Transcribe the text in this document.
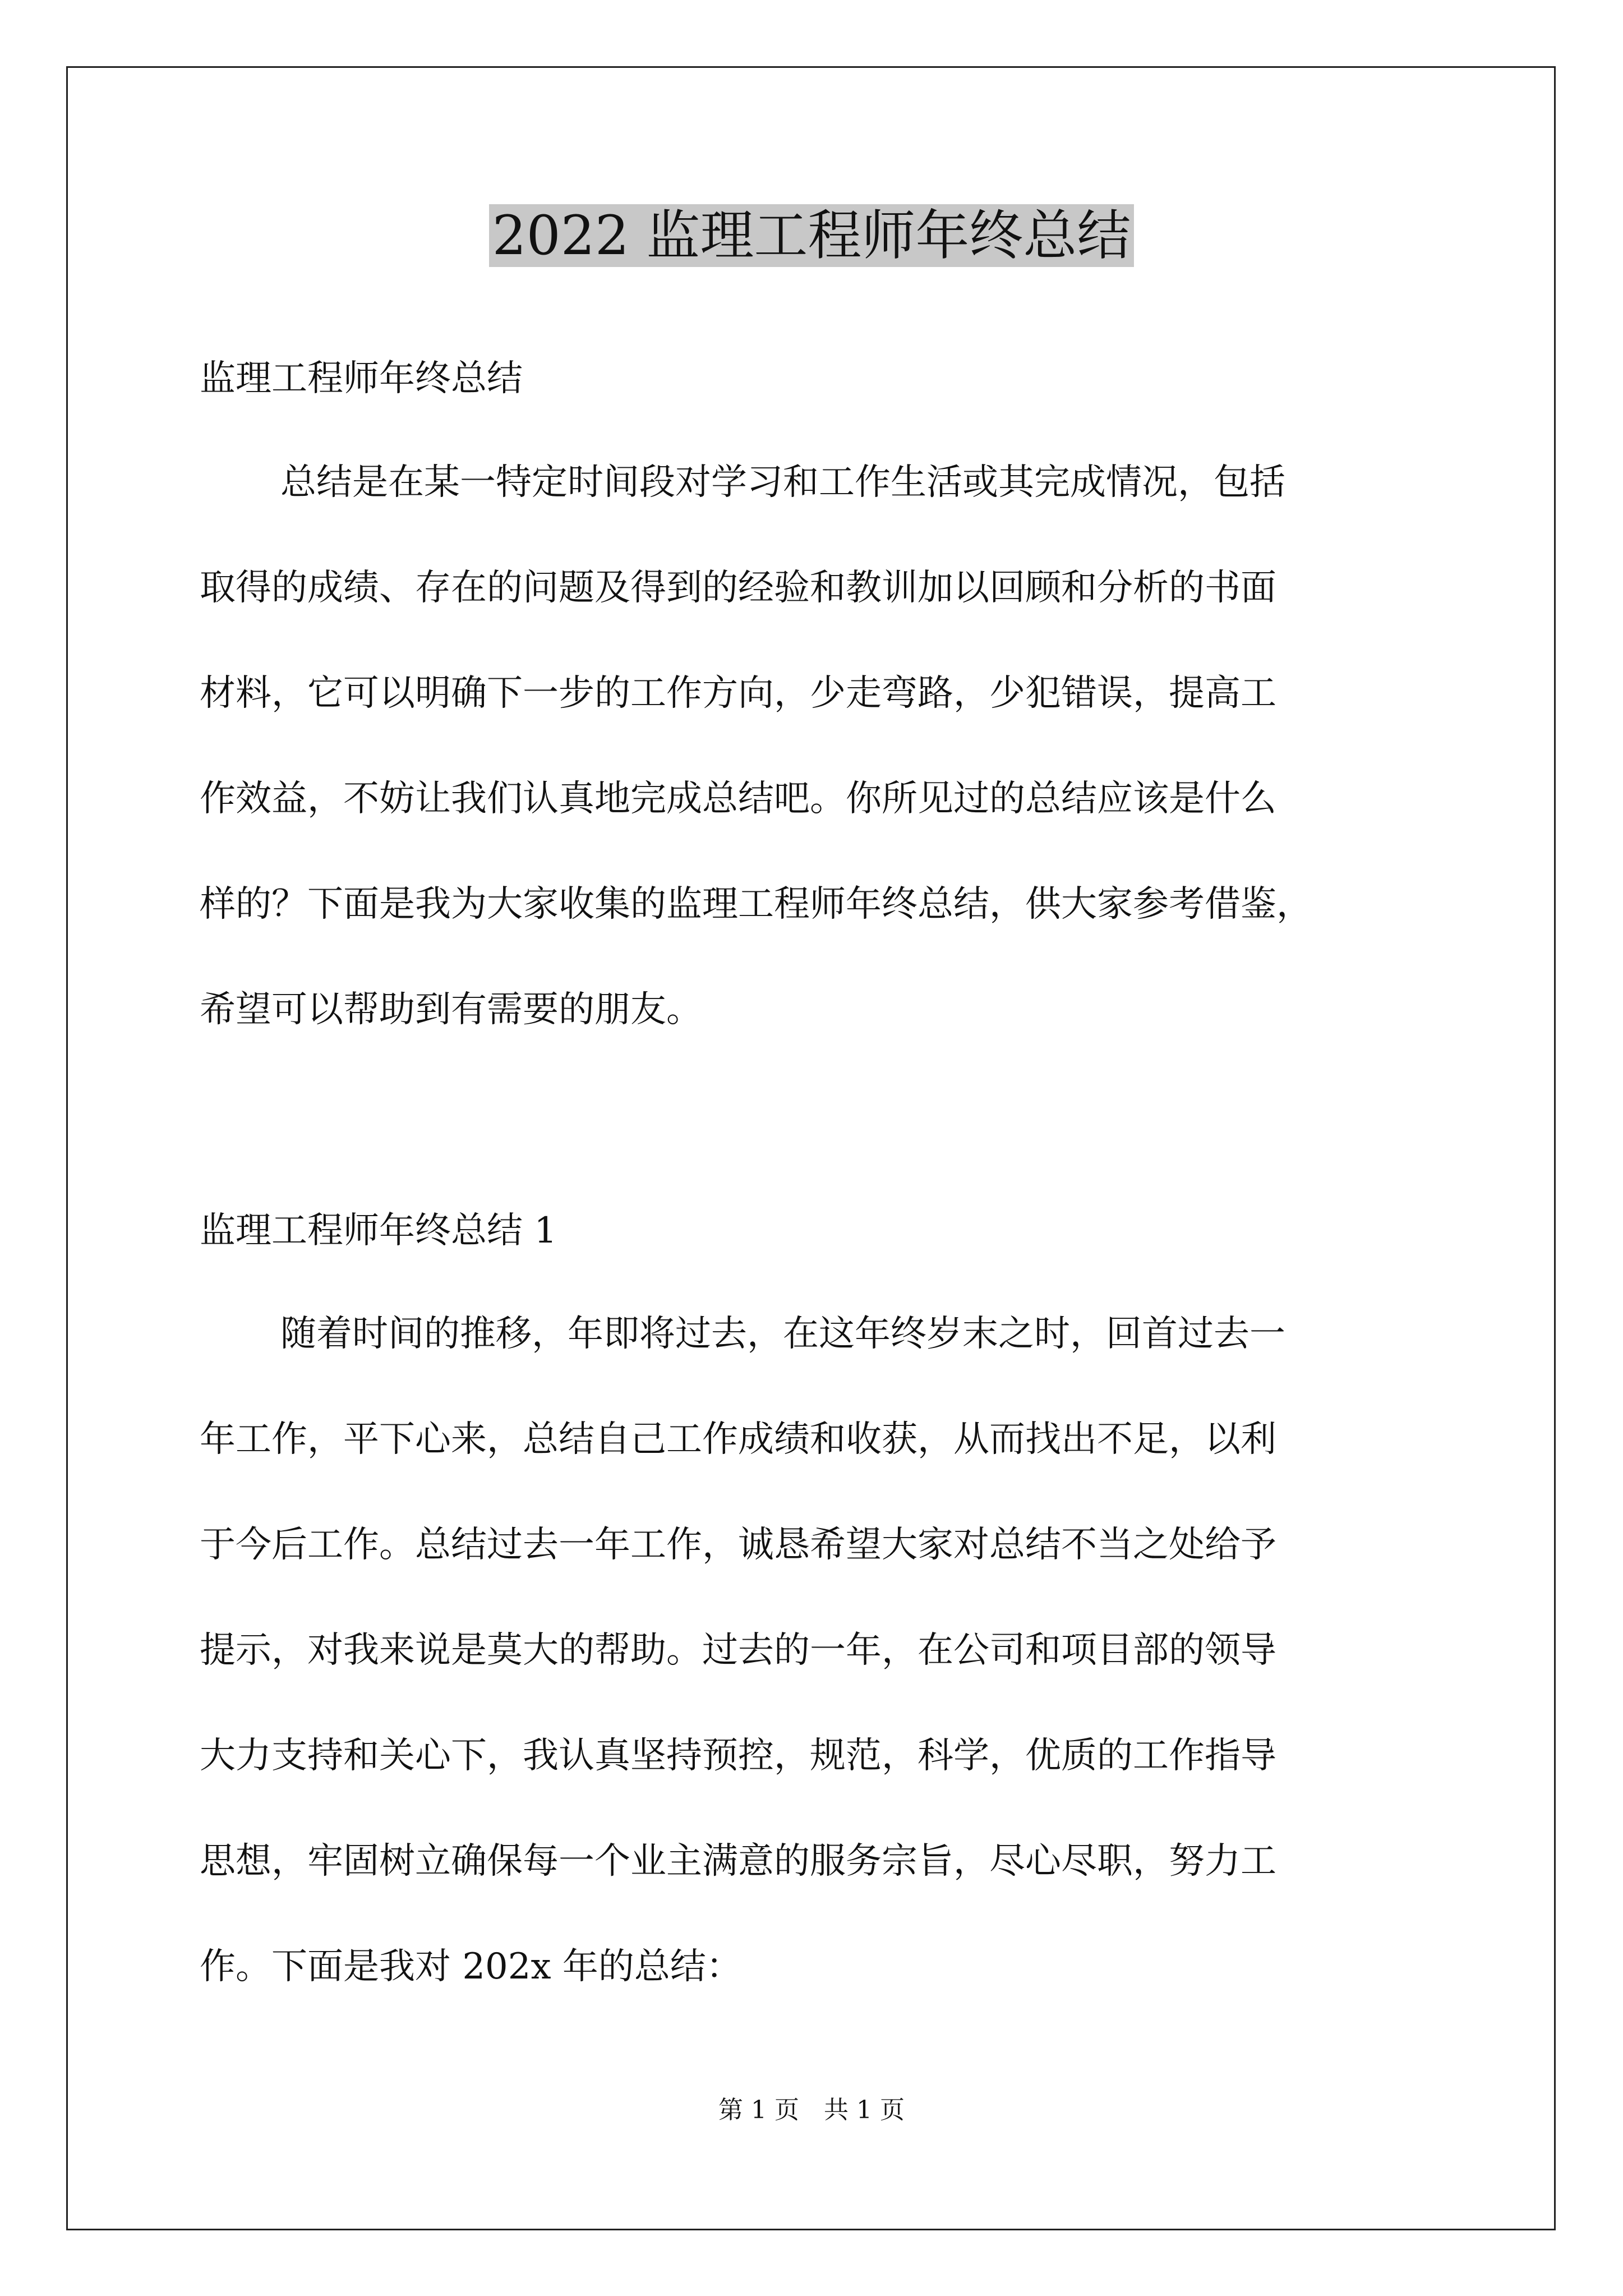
2022 监理工程师年终总结

监理工程师年终总结

总结是在某一特定时间段对学习和工作生活或其完成情况，包括

取得的成绩、存在的问题及得到的经验和教训加以回顾和分析的书面

材料，它可以明确下一步的工作方向，少走弯路，少犯错误，提高工

作效益，不妨让我们认真地完成总结吧。你所见过的总结应该是什么

样的？下面是我为大家收集的监理工程师年终总结，供大家参考借鉴，

希望可以帮助到有需要的朋友。

监理工程师年终总结 1

随着时间的推移，年即将过去，在这年终岁末之时，回首过去一

年工作，平下心来，总结自己工作成绩和收获，从而找出不足，以利

于今后工作。总结过去一年工作，诚恳希望大家对总结不当之处给予

提示，对我来说是莫大的帮助。过去的一年，在公司和项目部的领导

大力支持和关心下，我认真坚持预控，规范，科学，优质的工作指导

思想，牢固树立确保每一个业主满意的服务宗旨，尽心尽职，努力工

作。下面是我对 202x 年的总结：

第 1 页　共 1 页
